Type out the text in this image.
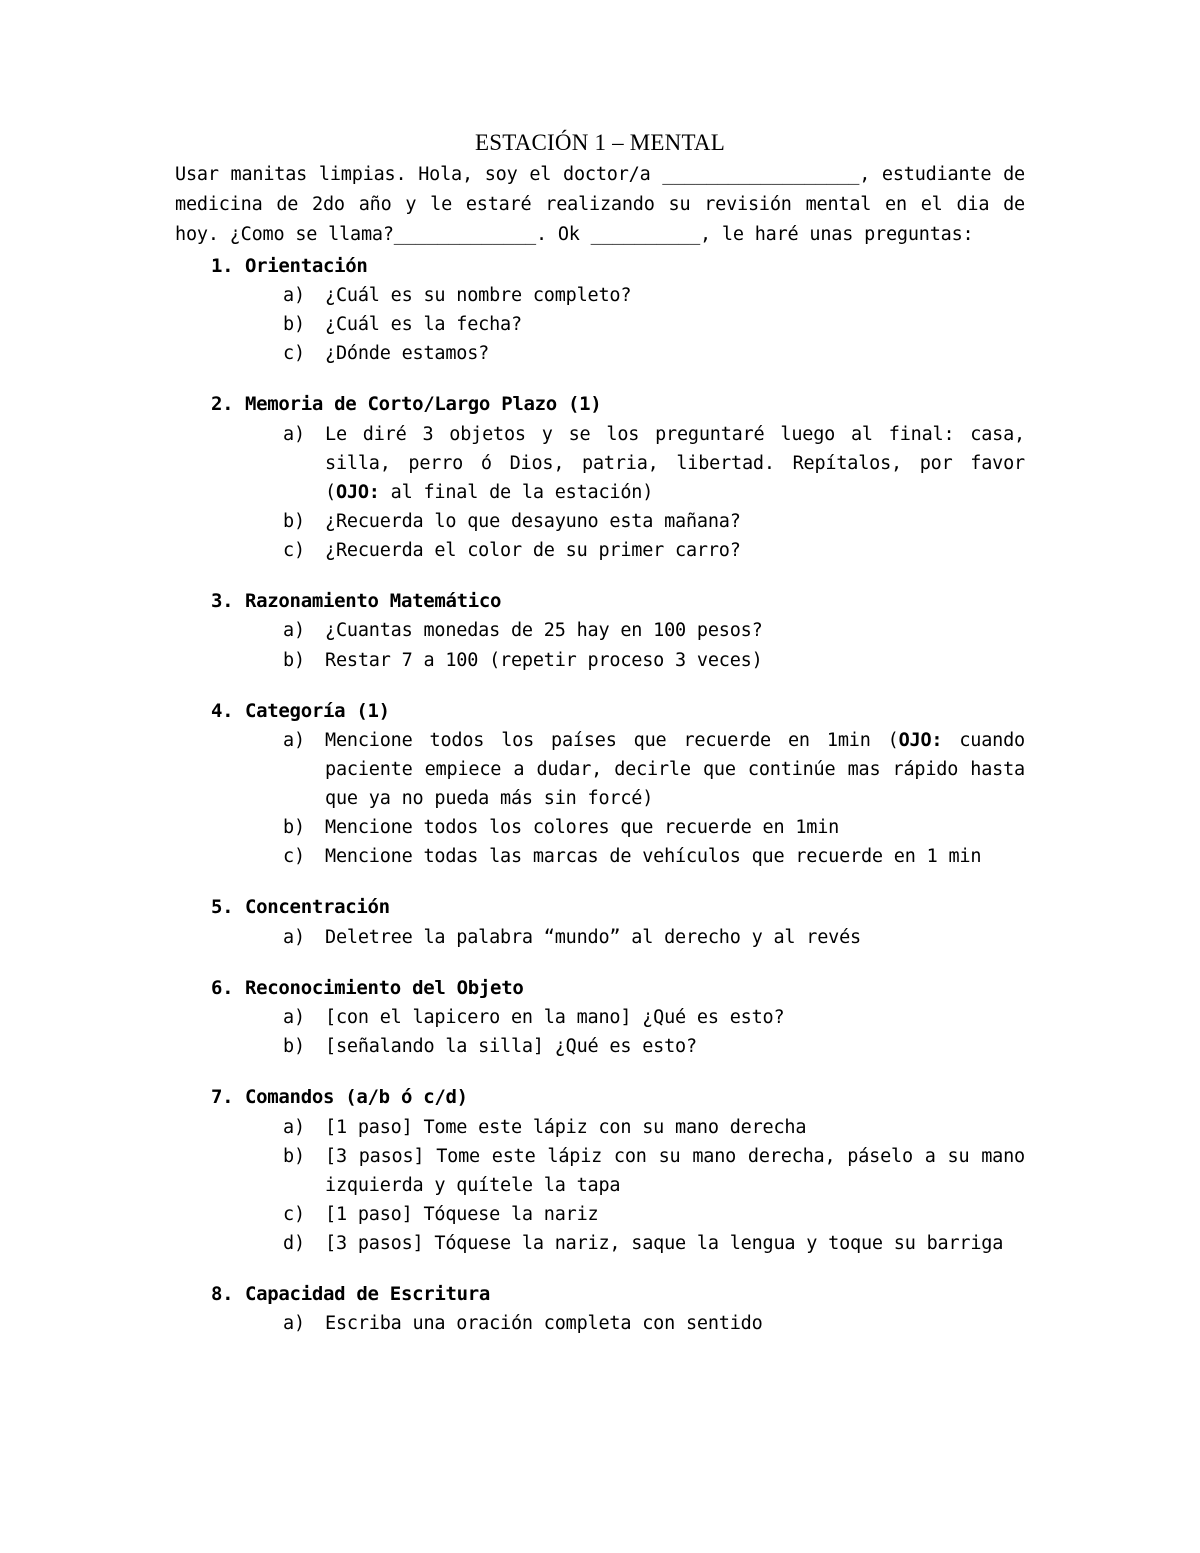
ESTACIÓN 1 – MENTAL

Usar manitas limpias. Hola, soy el doctor/a __________________, estudiante de medicina de 2do año y le estaré realizando su revisión mental en el dia de hoy. ¿Como se llama?_____________. Ok __________, le haré unas preguntas:

1. Orientación
a) ¿Cuál es su nombre completo?
b) ¿Cuál es la fecha?
c) ¿Dónde estamos?
2. Memoria de Corto/Largo Plazo (1)
a) Le diré 3 objetos y se los preguntaré luego al final: casa, silla, perro ó Dios, patria, libertad. Repítalos, por favor (OJO: al final de la estación)
b) ¿Recuerda lo que desayuno esta mañana?
c) ¿Recuerda el color de su primer carro?
3. Razonamiento Matemático
a) ¿Cuantas monedas de 25 hay en 100 pesos?
b) Restar 7 a 100 (repetir proceso 3 veces)
4. Categoría (1)
a) Mencione todos los países que recuerde en 1min (OJO: cuando paciente empiece a dudar, decirle que continúe mas rápido hasta que ya no pueda más sin forcé)
b) Mencione todos los colores que recuerde en 1min
c) Mencione todas las marcas de vehículos que recuerde en 1 min
5. Concentración
a) Deletree la palabra “mundo” al derecho y al revés
6. Reconocimiento del Objeto
a) [con el lapicero en la mano] ¿Qué es esto?
b) [señalando la silla] ¿Qué es esto?
7. Comandos (a/b ó c/d)
a) [1 paso] Tome este lápiz con su mano derecha
b) [3 pasos] Tome este lápiz con su mano derecha, páselo a su mano izquierda y quítele la tapa
c) [1 paso] Tóquese la nariz
d) [3 pasos] Tóquese la nariz, saque la lengua y toque su barriga
8. Capacidad de Escritura
a) Escriba una oración completa con sentido
